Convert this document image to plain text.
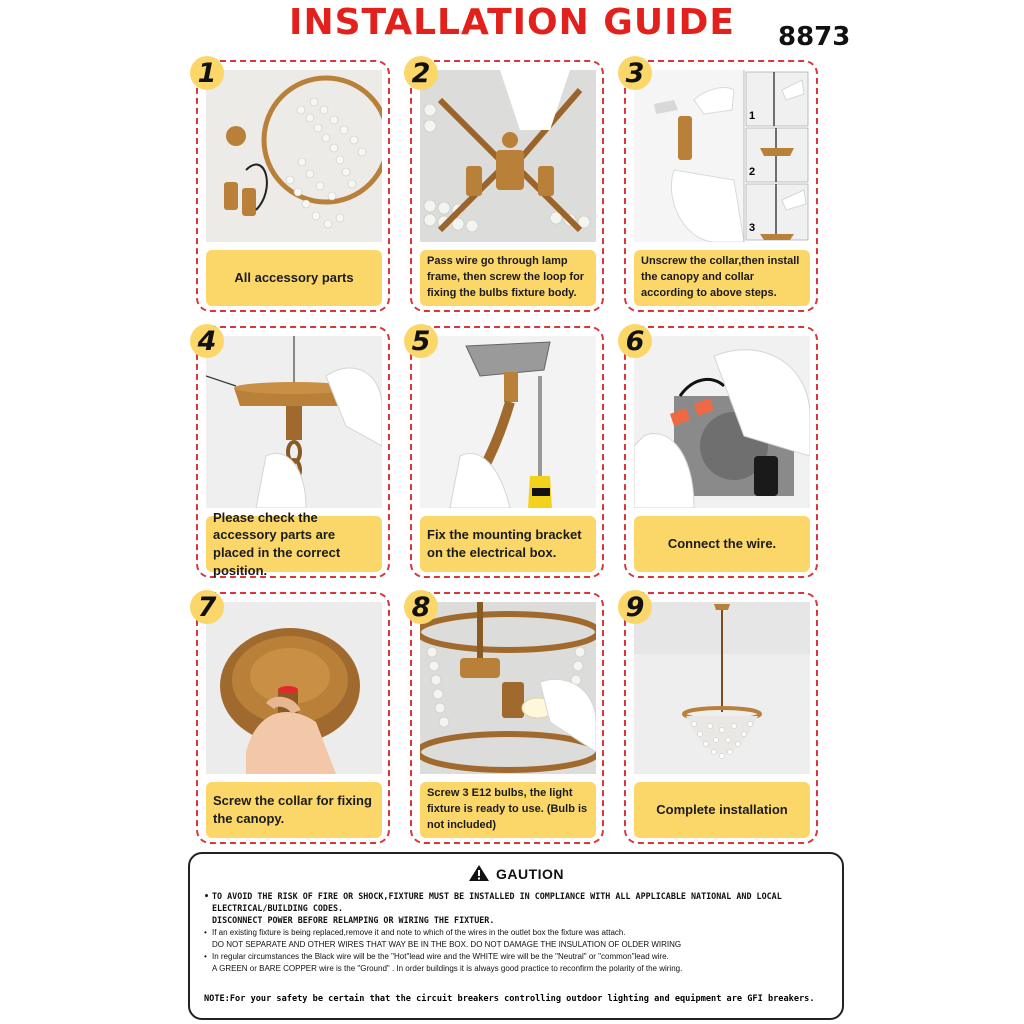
INSTALLATION GUIDE	8873
1
All accessory parts
2
Pass wire go through lamp frame, then screw the loop for fixing the bulbs fixture body.
3
1
2
3
Unscrew the collar,then install the canopy and collar according to above steps.
4
Please check the accessory parts are placed in the correct position.
5
Fix the mounting bracket on the electrical box.
6
Connect the wire.
7
Screw the collar for fixing the canopy.
8
Screw 3 E12 bulbs, the light fixture is ready to use. (Bulb is not included)
9
Complete installation
GAUTION
• TO AVOID THE RISK OF FIRE OR SHOCK,FIXTURE MUST BE INSTALLED IN COMPLIANCE WITH ALL APPLICABLE NATIONAL AND LOCAL
ELECTRICAL/BUILDING CODES.
DISCONNECT POWER BEFORE RELAMPING OR WIRING THE FIXTUER.
• If an existing fixture is being replaced,remove it and note to which of the wires in the outlet box the fixture was attach.
DO NOT SEPARATE AND OTHER WIRES THAT WAY BE IN THE BOX. DO NOT DAMAGE THE INSULATION OF OLDER WIRING
• In regular circumstances the Black wire will be the "Hot"lead wire and the WHITE wire will be the "Neutral" or "common"lead wire.
A GREEN or BARE COPPER wire is the "Ground" . In order buildings it is always good practice to reconfirm the polarity of the wiring.
NOTE:For your safety be certain that the circuit breakers controlling outdoor lighting and equipment are GFI breakers.
